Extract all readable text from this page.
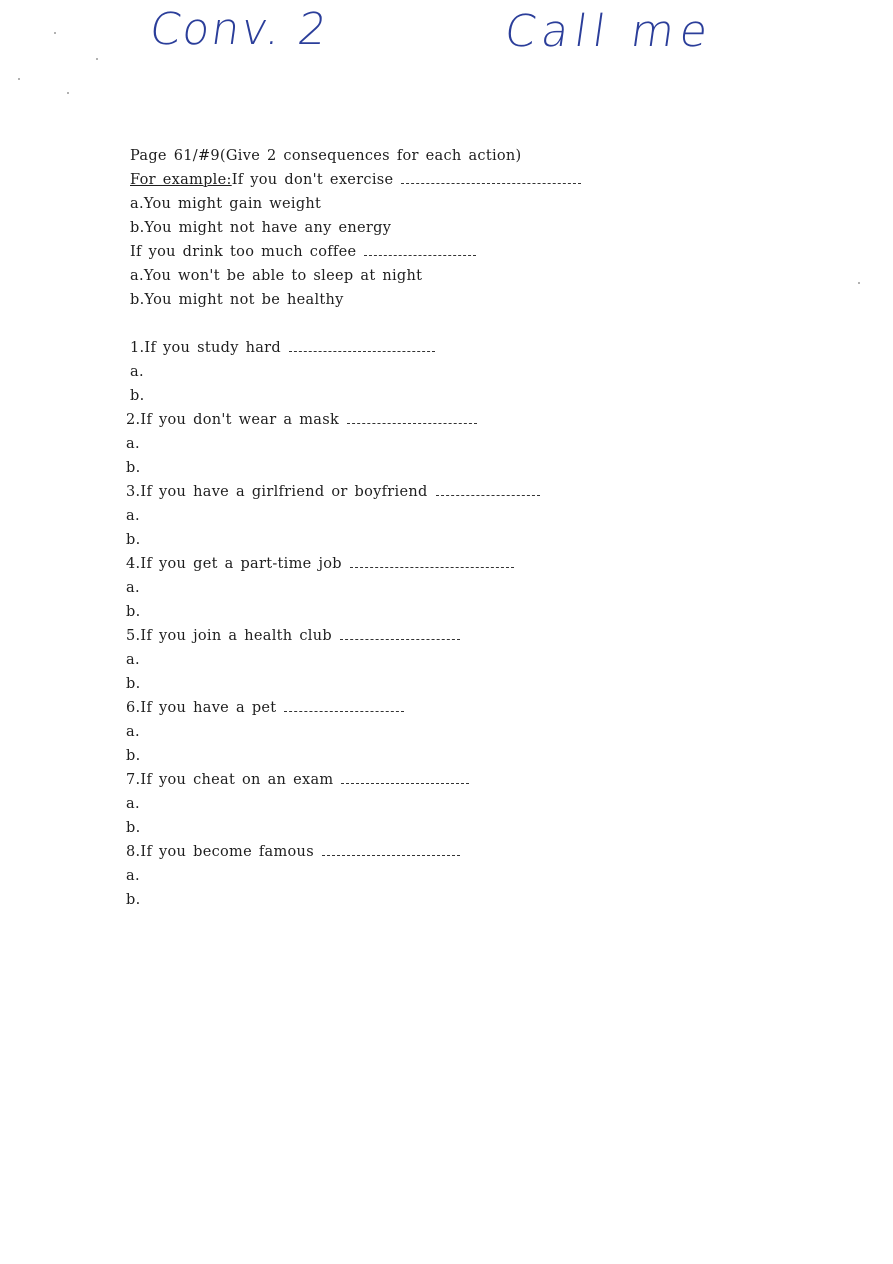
Conv. 2	Call me
Page 61/#9(Give 2 consequences for each action)
For example:If you don't exercise
a.You might gain weight
b.You might not have any energy
If you drink too much coffee
a.You won't be able to sleep at night
b.You might not be healthy
1.If you study hard
a.
b.
2.If you don't wear a mask
a.
b.
3.If you have a girlfriend or boyfriend
a.
b.
4.If you get a part-time job
a.
b.
5.If you join a health club
a.
b.
6.If you have a pet
a.
b.
7.If you cheat on an exam
a.
b.
8.If you become famous
a.
b.
